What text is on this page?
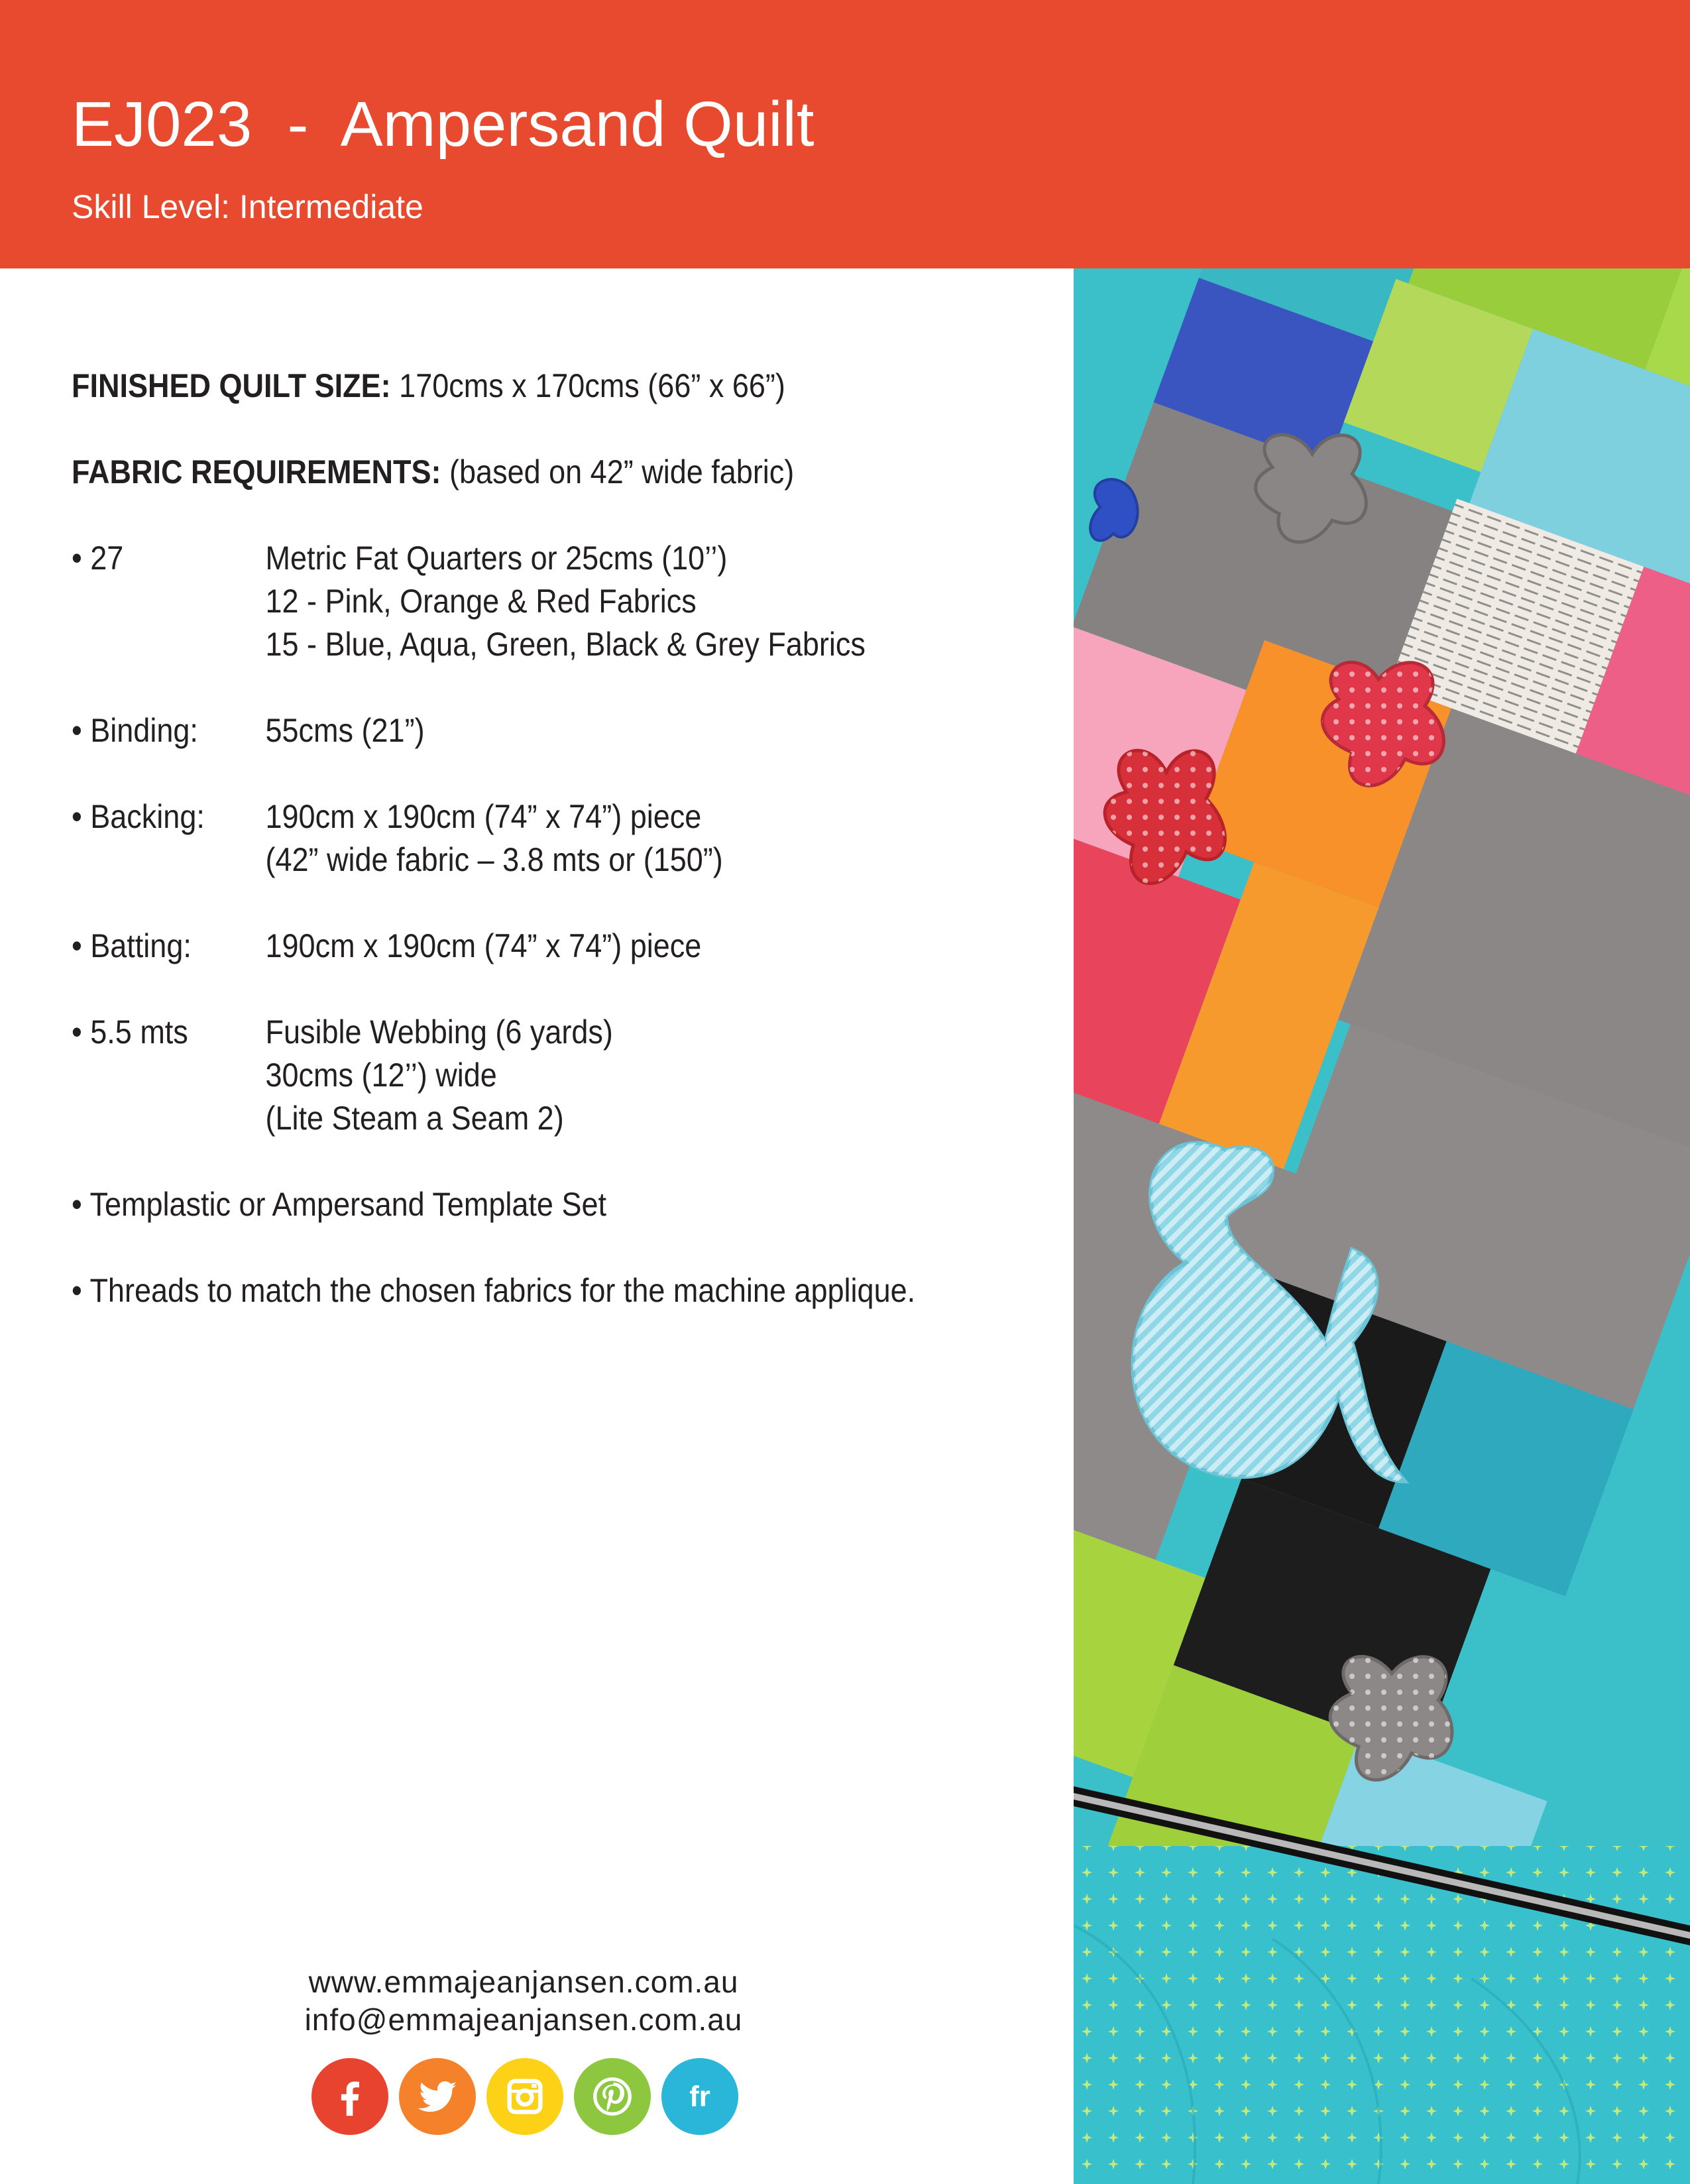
EJ023  -  Ampersand Quilt
Skill Level: Intermediate
FINISHED QUILT SIZE: 170cms x 170cms (66” x 66”)
FABRIC REQUIREMENTS: (based on 42” wide fabric)
• 27	Metric Fat Quarters or 25cms (10’’)
12 - Pink, Orange & Red Fabrics
15 - Blue, Aqua, Green, Black & Grey Fabrics
• Binding: 55cms (21”)
• Backing: 190cm x 190cm (74” x 74”) piece
(42” wide fabric – 3.8 mts or (150”)
• Batting: 190cm x 190cm (74” x 74”) piece
• 5.5 mts Fusible Webbing (6 yards)
30cms (12’’) wide
(Lite Steam a Seam 2)
• Templastic or Ampersand Template Set
• Threads to match the chosen fabrics for the machine applique.
www.emmajeanjansen.com.au
info@emmajeanjansen.com.au
fr
